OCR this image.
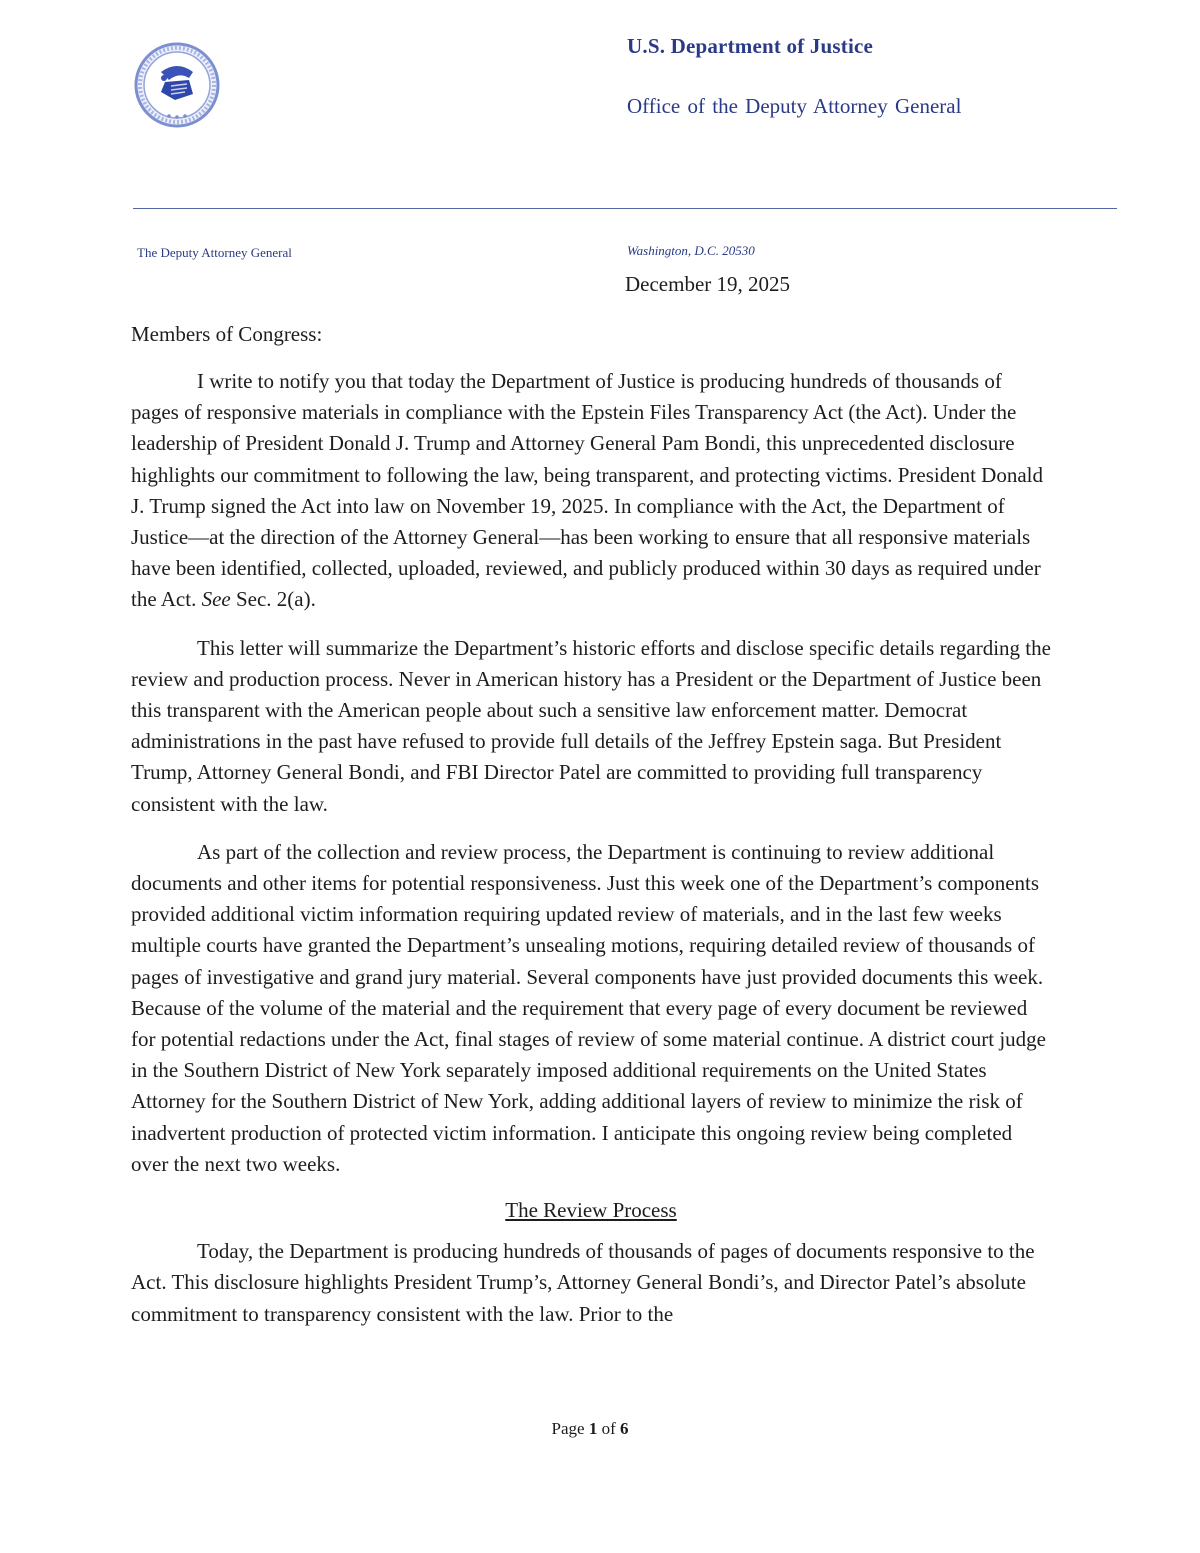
U.S. Department of Justice
Office of the Deputy Attorney General
The Deputy Attorney General	Washington, D.C. 20530
December 19, 2025
Members of Congress:

I write to notify you that today the Department of Justice is producing hundreds of thousands of pages of responsive materials in compliance with the Epstein Files Transparency Act (the Act). Under the leadership of President Donald J. Trump and Attorney General Pam Bondi, this unprecedented disclosure highlights our commitment to following the law, being transparent, and protecting victims. President Donald J. Trump signed the Act into law on November 19, 2025. In compliance with the Act, the Department of Justice—at the direction of the Attorney General—has been working to ensure that all responsive materials have been identified, collected, uploaded, reviewed, and publicly produced within 30 days as required under the Act. See Sec. 2(a).

This letter will summarize the Department’s historic efforts and disclose specific details regarding the review and production process. Never in American history has a President or the Department of Justice been this transparent with the American people about such a sensitive law enforcement matter. Democrat administrations in the past have refused to provide full details of the Jeffrey Epstein saga. But President Trump, Attorney General Bondi, and FBI Director Patel are committed to providing full transparency consistent with the law.

As part of the collection and review process, the Department is continuing to review additional documents and other items for potential responsiveness. Just this week one of the Department’s components provided additional victim information requiring updated review of materials, and in the last few weeks multiple courts have granted the Department’s unsealing motions, requiring detailed review of thousands of pages of investigative and grand jury material. Several components have just provided documents this week. Because of the volume of the material and the requirement that every page of every document be reviewed for potential redactions under the Act, final stages of review of some material continue. A district court judge in the Southern District of New York separately imposed additional requirements on the United States Attorney for the Southern District of New York, adding additional layers of review to minimize the risk of inadvertent production of protected victim information. I anticipate this ongoing review being completed over the next two weeks.

The Review Process

Today, the Department is producing hundreds of thousands of pages of documents responsive to the Act. This disclosure highlights President Trump’s, Attorney General Bondi’s, and Director Patel’s absolute commitment to transparency consistent with the law. Prior to the

Page 1 of 6
